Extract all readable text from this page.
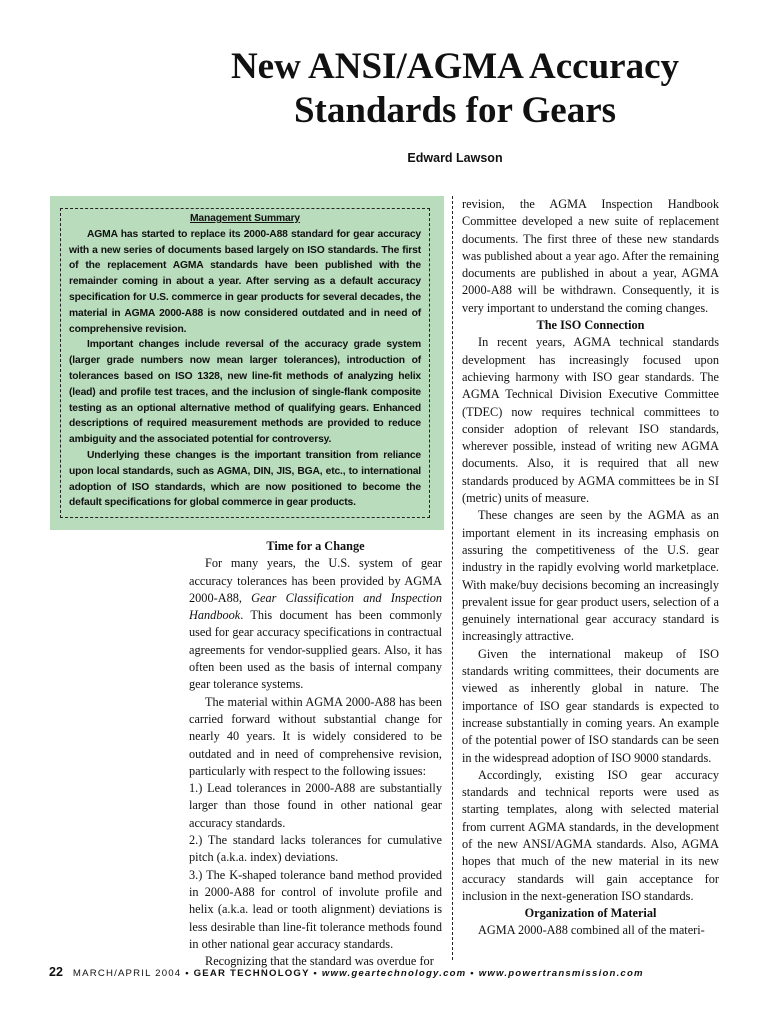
New ANSI/AGMA Accuracy
Standards for Gears
Edward Lawson
Management Summary

AGMA has started to replace its 2000-A88 standard for gear accuracy with a new series of documents based largely on ISO standards. The first of the replacement AGMA standards have been published with the remainder coming in about a year. After serving as a default accuracy specification for U.S. commerce in gear products for several decades, the material in AGMA 2000-A88 is now considered outdated and in need of comprehensive revision.

Important changes include reversal of the accuracy grade system (larger grade numbers now mean larger tolerances), introduction of tolerances based on ISO 1328, new line-fit methods of analyzing helix (lead) and profile test traces, and the inclusion of single-flank composite testing as an optional alternative method of qualifying gears. Enhanced descriptions of required measurement methods are provided to reduce ambiguity and the associated potential for controversy.

Underlying these changes is the important transition from reliance upon local standards, such as AGMA, DIN, JIS, BGA, etc., to international adoption of ISO standards, which are now positioned to become the default specifications for global commerce in gear products.

Time for a Change

For many years, the U.S. system of gear accuracy tolerances has been provided by AGMA 2000-A88, Gear Classification and Inspection Handbook. This document has been commonly used for gear accuracy specifications in contractual agreements for vendor-supplied gears. Also, it has often been used as the basis of internal company gear tolerance systems.

The material within AGMA 2000-A88 has been carried forward without substantial change for nearly 40 years. It is widely considered to be outdated and in need of comprehensive revision, particularly with respect to the following issues:

1.) Lead tolerances in 2000-A88 are substantially larger than those found in other national gear accuracy standards.

2.) The standard lacks tolerances for cumulative pitch (a.k.a. index) deviations.

3.) The K-shaped tolerance band method provided in 2000-A88 for control of involute profile and helix (a.k.a. lead or tooth alignment) deviations is less desirable than line-fit tolerance methods found in other national gear accuracy standards.

Recognizing that the standard was overdue for

revision, the AGMA Inspection Handbook Committee developed a new suite of replacement documents. The first three of these new standards was published about a year ago. After the remaining documents are published in about a year, AGMA 2000-A88 will be withdrawn. Consequently, it is very important to understand the coming changes.

The ISO Connection

In recent years, AGMA technical standards development has increasingly focused upon achieving harmony with ISO gear standards. The AGMA Technical Division Executive Committee (TDEC) now requires technical committees to consider adoption of relevant ISO standards, wherever possible, instead of writing new AGMA documents. Also, it is required that all new standards produced by AGMA committees be in SI (metric) units of measure.

These changes are seen by the AGMA as an important element in its increasing emphasis on assuring the competitiveness of the U.S. gear industry in the rapidly evolving world marketplace. With make/buy decisions becoming an increasingly prevalent issue for gear product users, selection of a genuinely international gear accuracy standard is increasingly attractive.

Given the international makeup of ISO standards writing committees, their documents are viewed as inherently global in nature. The importance of ISO gear standards is expected to increase substantially in coming years. An example of the potential power of ISO standards can be seen in the widespread adoption of ISO 9000 standards.

Accordingly, existing ISO gear accuracy standards and technical reports were used as starting templates, along with selected material from current AGMA standards, in the development of the new ANSI/AGMA standards. Also, AGMA hopes that much of the new material in its new accuracy standards will gain acceptance for inclusion in the next-generation ISO standards.

Organization of Material

AGMA 2000-A88 combined all of the materi-

22 MARCH/APRIL 2004 • GEAR TECHNOLOGY • www.geartechnology.com • www.powertransmission.com
